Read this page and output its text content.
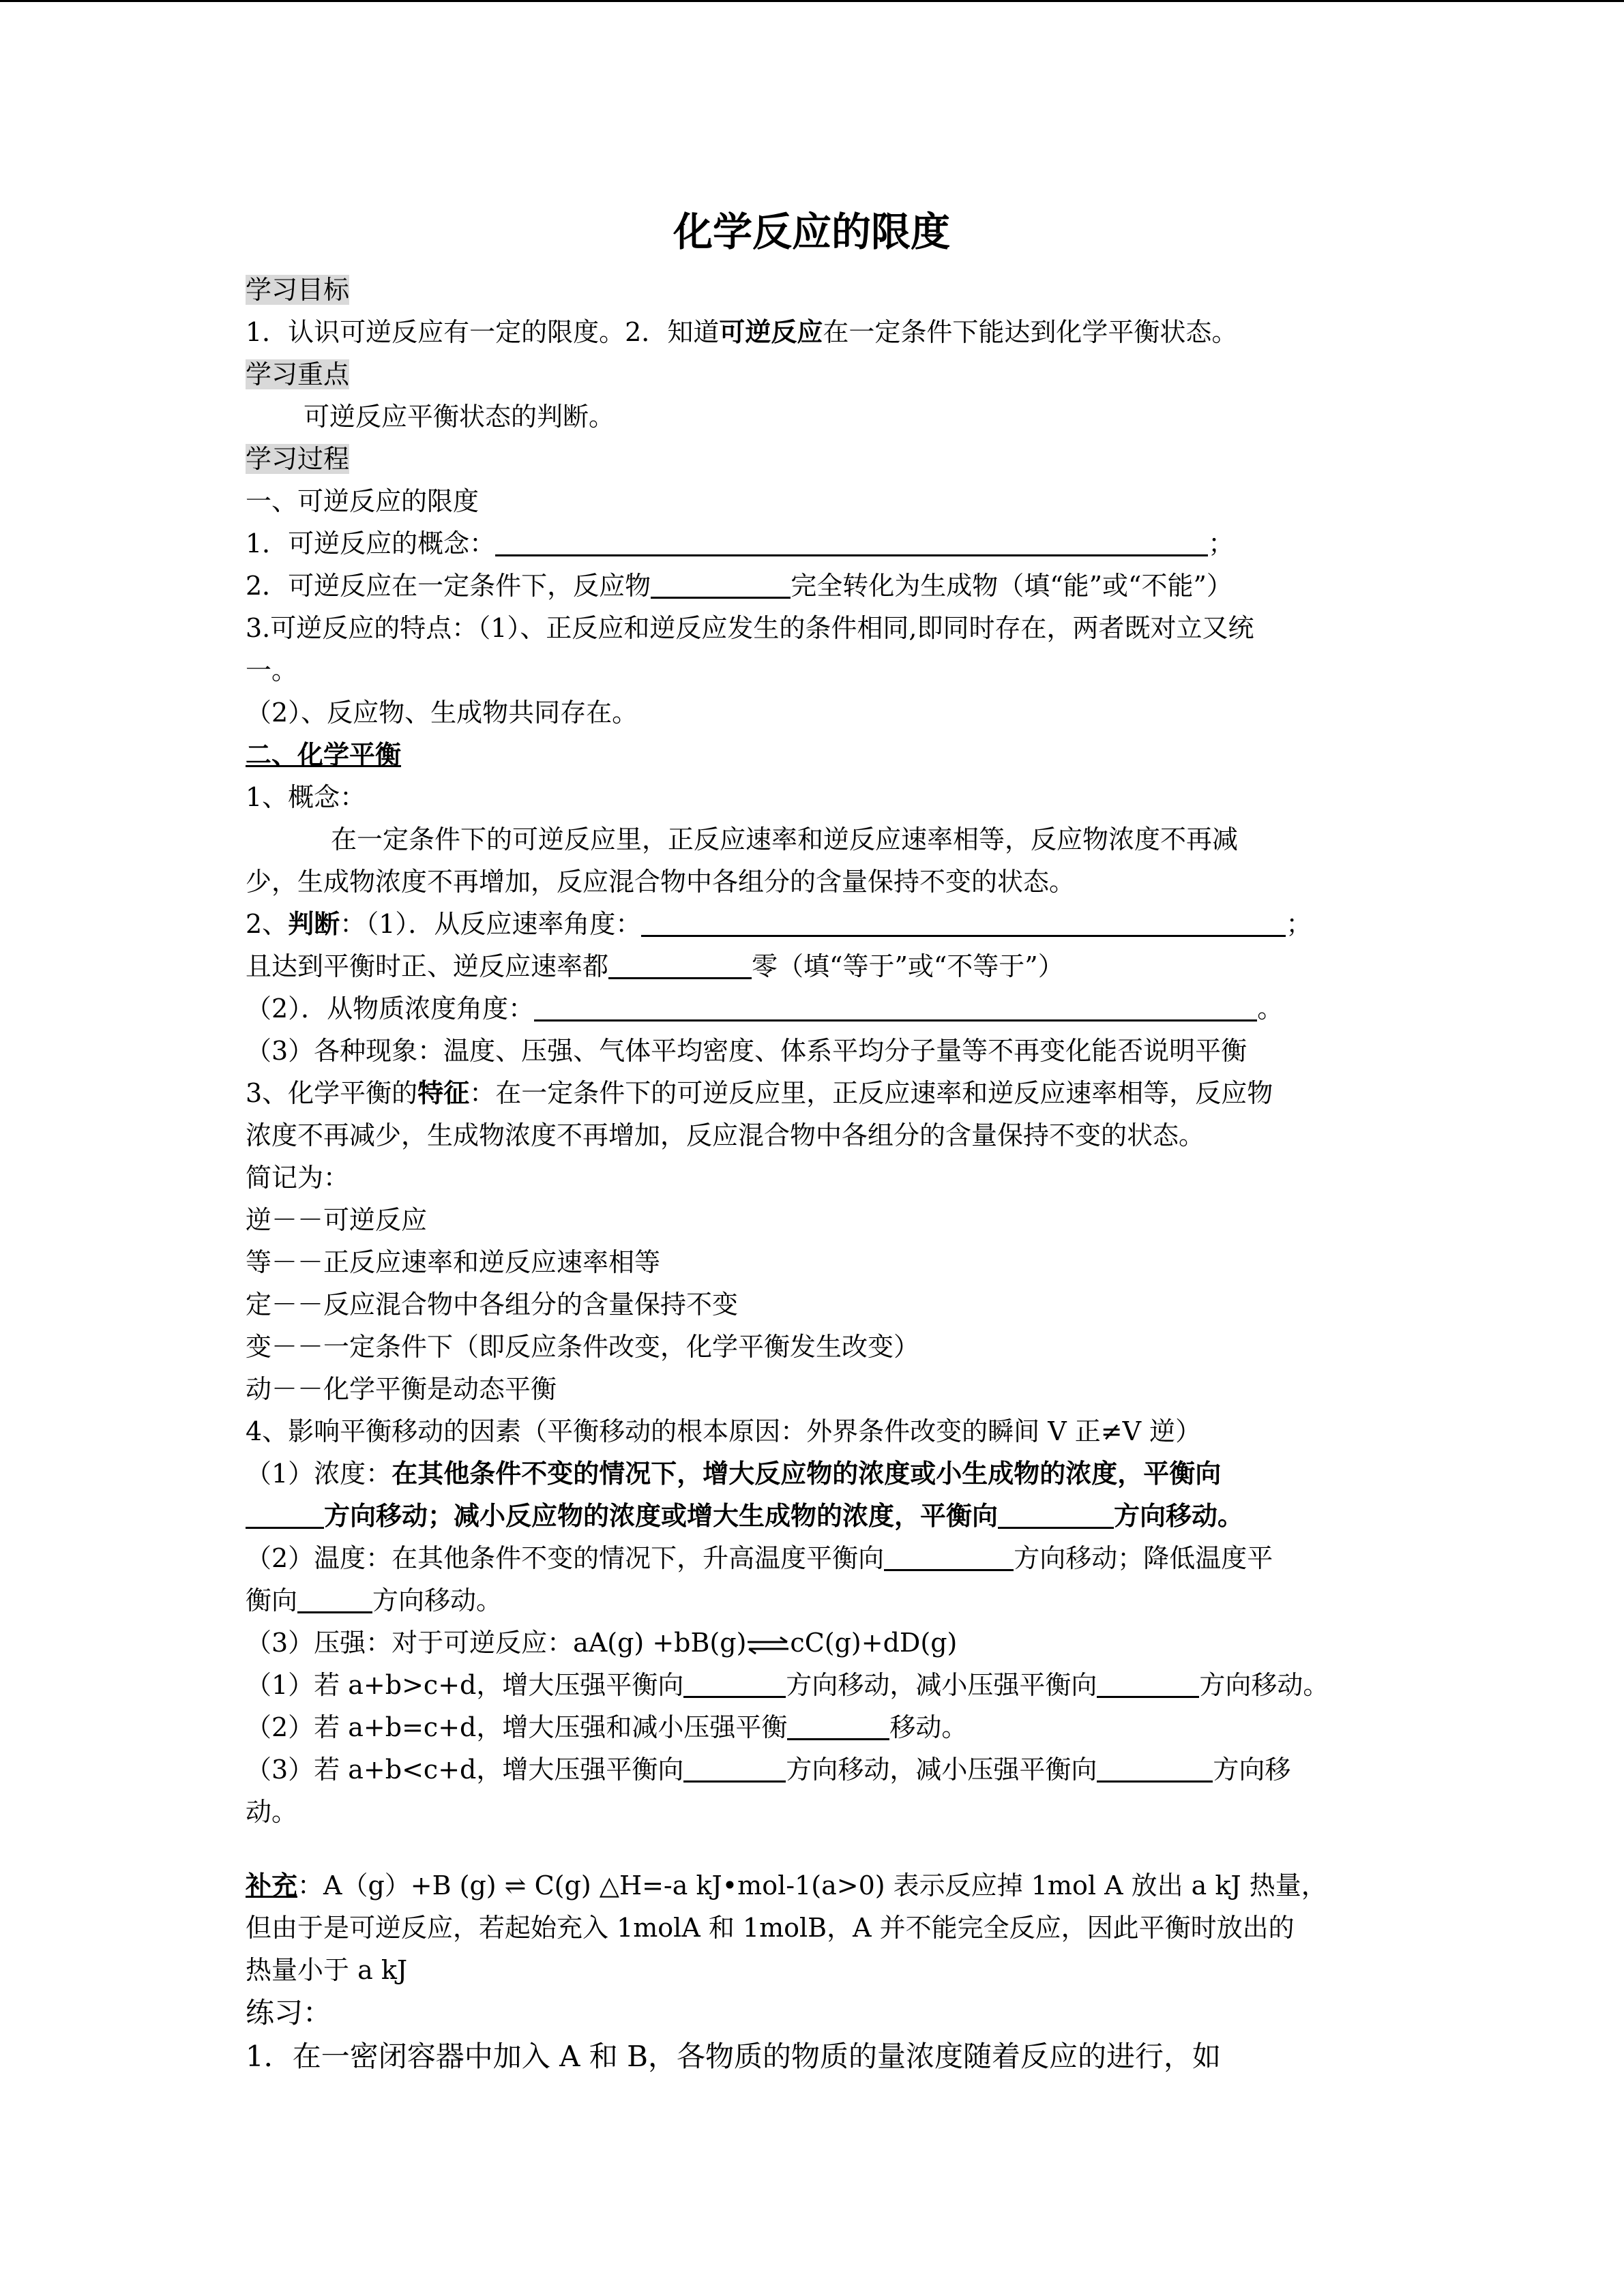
化学反应的限度
学习目标
1．认识可逆反应有一定的限度。2．知道可逆反应在一定条件下能达到化学平衡状态。
学习重点
可逆反应平衡状态的判断。
学习过程
一、可逆反应的限度
1．可逆反应的概念：	；
2．可逆反应在一定条件下，反应物	完全转化为生成物（填“能”或“不能”）
3.可逆反应的特点：（1）、正反应和逆反应发生的条件相同,即同时存在，两者既对立又统
一。
（2）、反应物、生成物共同存在。
二、化学平衡
1、概念：
在一定条件下的可逆反应里，正反应速率和逆反应速率相等，反应物浓度不再减
少，生成物浓度不再增加，反应混合物中各组分的含量保持不变的状态。
2、判断：（1）．从反应速率角度：	；
且达到平衡时正、逆反应速率都	零（填“等于”或“不等于”）
（2）．从物质浓度角度：	。
（3）各种现象：温度、压强、气体平均密度、体系平均分子量等不再变化能否说明平衡
3、化学平衡的特征：在一定条件下的可逆反应里，正反应速率和逆反应速率相等，反应物
浓度不再减少，生成物浓度不再增加，反应混合物中各组分的含量保持不变的状态。
简记为：
逆－－可逆反应
等－－正反应速率和逆反应速率相等
定－－反应混合物中各组分的含量保持不变
变－－一定条件下（即反应条件改变，化学平衡发生改变）
动－－化学平衡是动态平衡
4、影响平衡移动的因素（平衡移动的根本原因：外界条件改变的瞬间 V 正≠V 逆）
（1）浓度：在其他条件不变的情况下，增大反应物的浓度或小生成物的浓度，平衡向
方向移动；减小反应物的浓度或增大生成物的浓度，平衡向	方向移动。
（2）温度：在其他条件不变的情况下，升高温度平衡向	方向移动；降低温度平
衡向	方向移动。
（3）压强：对于可逆反应：aA(g) +bB(g)⇌cC(g)+dD(g)
（1）若 a+b>c+d，增大压强平衡向	方向移动，减小压强平衡向	方向移动。
（2）若 a+b=c+d，增大压强和减小压强平衡	移动。
（3）若 a+b<c+d，增大压强平衡向	方向移动，减小压强平衡向	方向移
动。
补充：A（g）+B (g) ⇌ C(g) △H=-a kJ•mol-1(a>0) 表示反应掉 1mol A 放出 a kJ 热量，
但由于是可逆反应，若起始充入 1molA 和 1molB，A 并不能完全反应，因此平衡时放出的
热量小于 a kJ
练习：
1．在一密闭容器中加入 A 和 B，各物质的物质的量浓度随着反应的进行，如
